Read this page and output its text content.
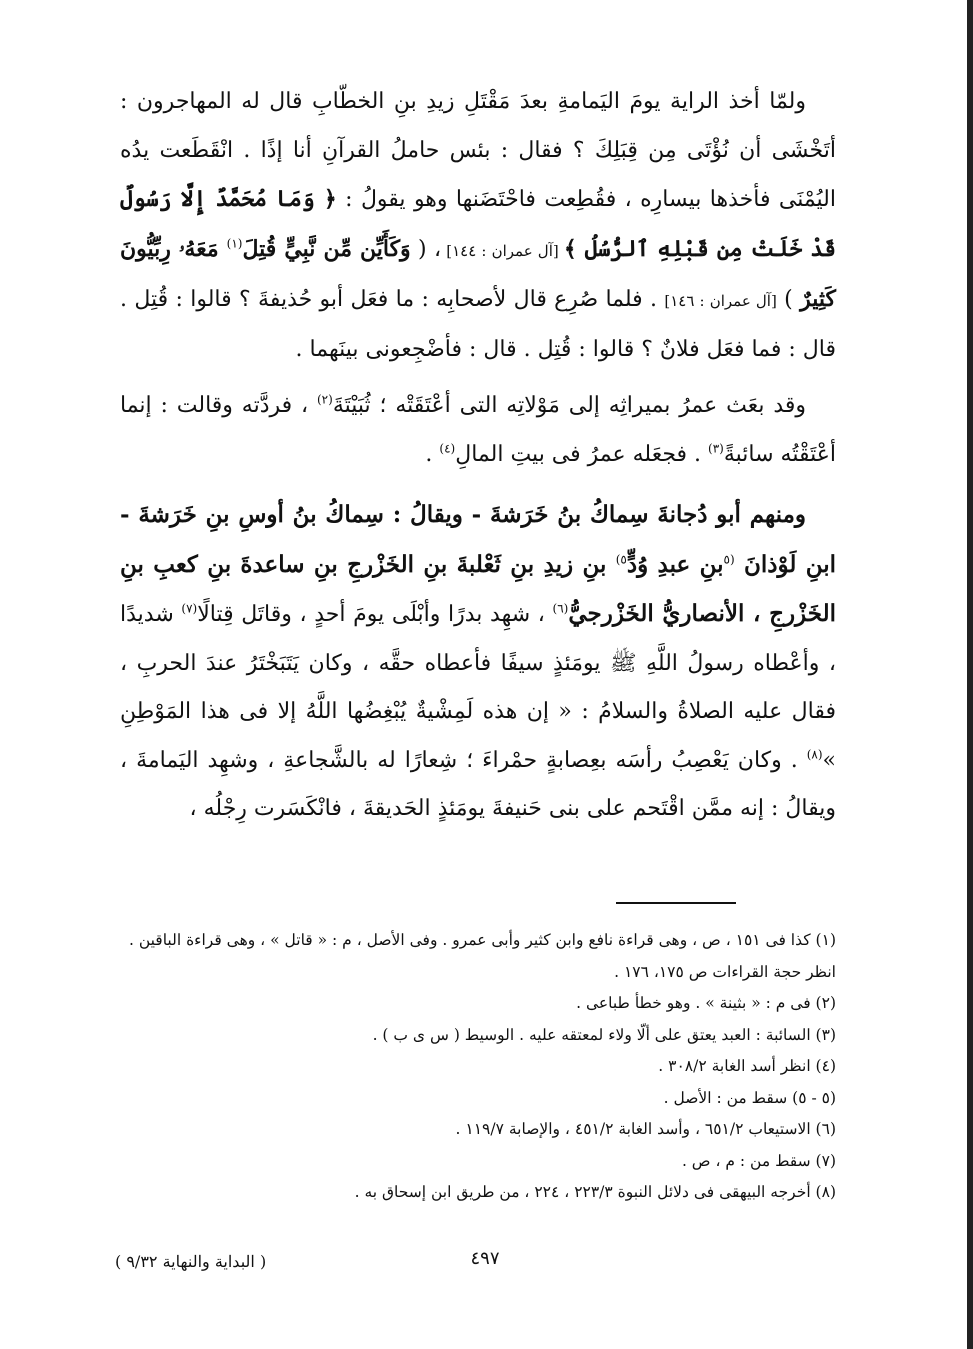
ولمّا أخذ الراية يومَ اليَمامةِ بعدَ مَقْتَلِ زيدِ بنِ الخطّابِ قال له المهاجرون : أتَخْشَى أن نُؤْتَى مِن قِبَلِكَ ؟ فقال : بئس حاملُ القرآنِ أنا إذًا . انْقَطَعت يدُه اليُمْنَى فأخذها بيسارِه ، فقُطِعت فاحْتَضَنها وهو يقولُ : ﴿ وَمَا مُحَمَّدٌ إِلَّا رَسُولٌ قَدْ خَلَتْ مِن قَبْلِهِ ٱلرُّسُلُ ﴾ [آل عمران : ١٤٤] ، ( وَكَأَيِّن مِّن نَّبِيٍّ قُتِلَ$^{(١)}$ مَعَهُۥ رِبِّيُّونَ كَثِيرٌ ) [آل عمران : ١٤٦] . فلما صُرِع قال لأصحابِه : ما فعَل أبو حُذيفةَ ؟ قالوا : قُتِل . قال : فما فعَل فلانٌ ؟ قالوا : قُتِل . قال : فأضْجِعونى بينَهما .

وقد بعَث عمرُ بميراثِه إلى مَوْلاتِه التى أعْتَقَتْه ؛ ثُبَيْتَةَ$^{(٢)}$ ، فردَّته وقالت : إنما أعْتَقْتُه سائبةً$^{(٣)}$ . فجعَله عمرُ فى بيتِ المالِ$^{(٤)}$ .

ومنهم أبو دُجانةَ سِماكُ بنُ خَرَشةَ - ويقالُ : سِماكُ بنُ أوسِ بنِ خَرَشةَ - ابنِ لَوْذانَ $^{(٥}$بنِ عبدِ وُدٍّ$^{٥)}$ بنِ زيدِ بنِ ثَعْلبةَ بنِ الخَزْرجِ بنِ ساعدةَ بنِ كعبِ بنِ الخَزْرجِ ، الأنصاريُّ الخَزْرجيُّ$^{(٦)}$ ، شهِد بدرًا وأبْلَى يومَ أحدٍ ، وقاتَل قِتالًا$^{(٧)}$ شديدًا ، وأعْطاه رسولُ اللَّهِ ﷺ يومَئذٍ سيفًا فأعطاه حقَّه ، وكان يَتَبَخْتَرُ عندَ الحربِ ، فقال عليه الصلاةُ والسلامُ : « إن هذه لَمِشْيةٌ يُبْغِضُها اللَّهُ إلا فى هذا المَوْطِنِ »$^{(٨)}$ . وكان يَعْصِبُ رأسَه بعِصابةٍ حمْراءَ ؛ شِعارًا له بالشَّجاعةِ ، وشهِد اليَمامةَ ، ويقالُ : إنه ممَّن اقْتَحم على بنى حَنيفةَ يومَئذٍ الحَديقةَ ، فانْكَسَرت رِجْلُه ،

(١) كذا فى ١٥١ ، ص ، وهى قراءة نافع وابن كثير وأبى عمرو . وفى الأصل ، م : « قاتل » ، وهى قراءة الباقين . انظر حجة القراءات ص ١٧٥، ١٧٦ .

(٢) فى م : « بثينة » . وهو خطأ طباعى .

(٣) السائبة : العبد يعتق على ألّا ولاء لمعتقه عليه . الوسيط ( س ى ب ) .

(٤) انظر أسد الغابة ٣٠٨/٢ .

(٥ - ٥) سقط من : الأصل .

(٦) الاستيعاب ٦٥١/٢ ، وأسد الغابة ٤٥١/٢ ، والإصابة ١١٩/٧ .

(٧) سقط من : م ، ص .

(٨) أخرجه البيهقى فى دلائل النبوة ٢٢٣/٣ ، ٢٢٤ ، من طريق ابن إسحاق به .

٤٩٧
( البداية والنهاية ٩/٣٢ )
